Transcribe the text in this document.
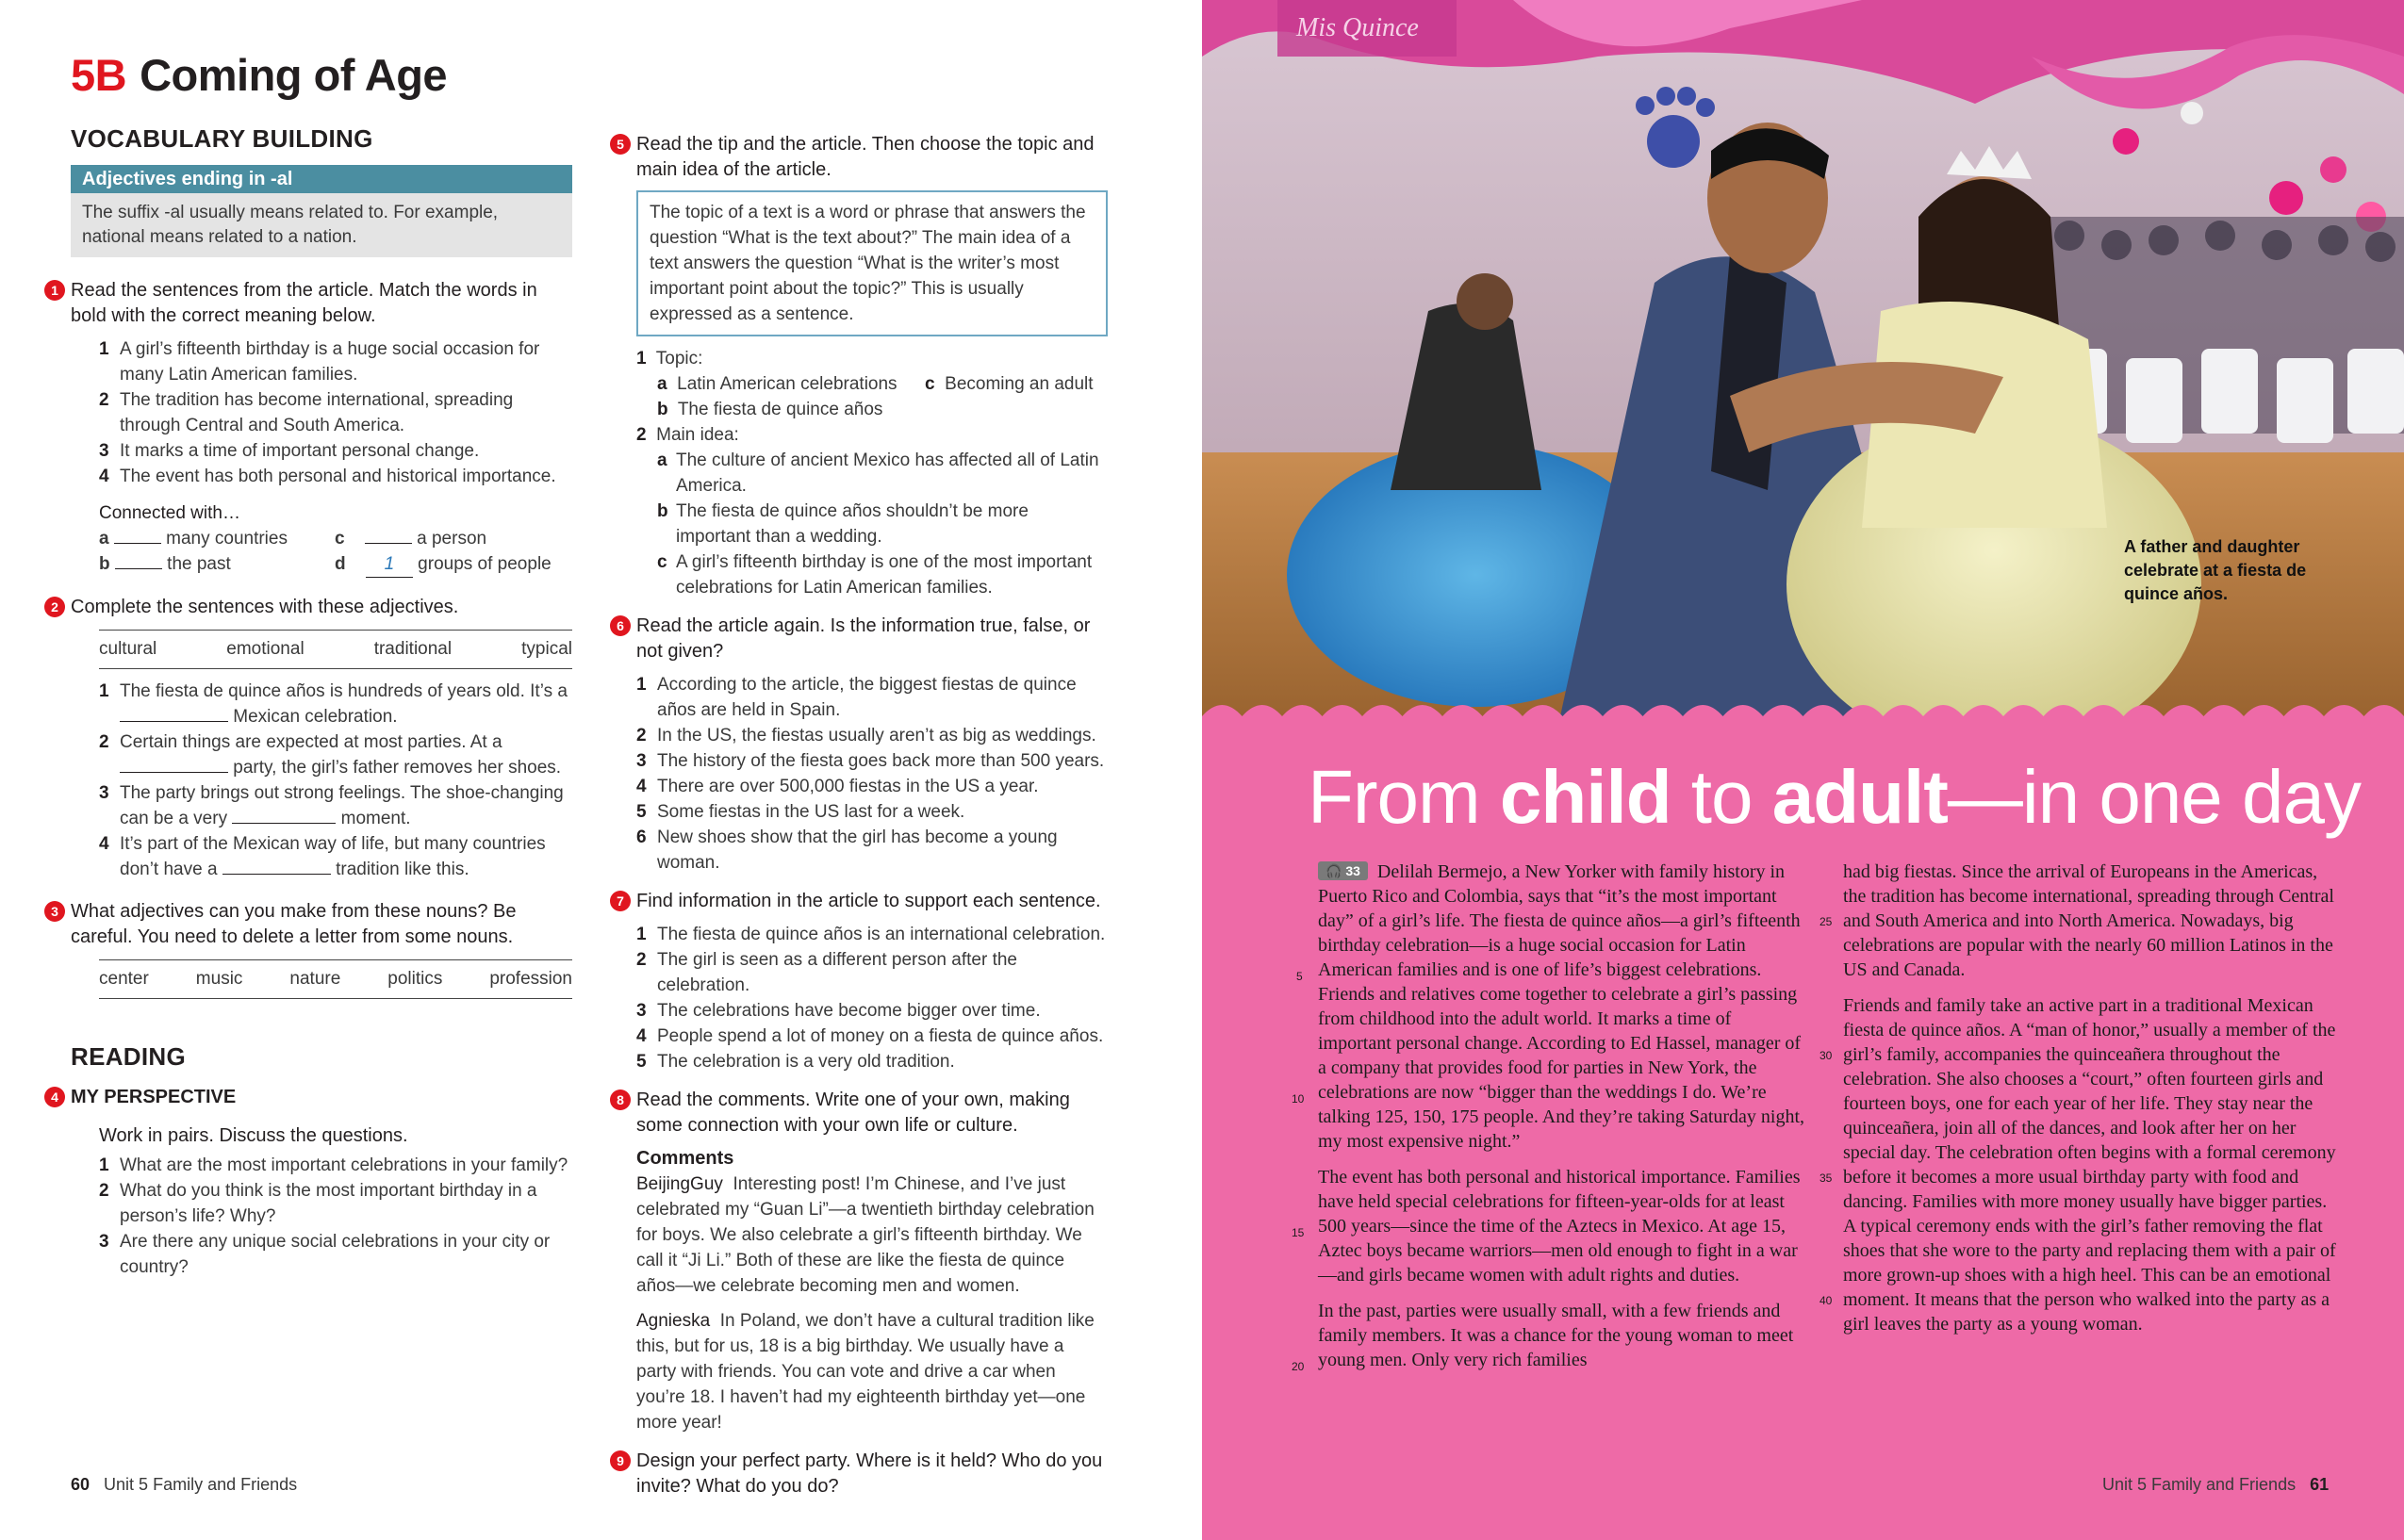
5B Coming of Age
VOCABULARY BUILDING
Adjectives ending in -al
The suffix -al usually means related to. For example, national means related to a nation.
1 Read the sentences from the article. Match the words in bold with the correct meaning below.
1 A girl’s fifteenth birthday is a huge social occasion for many Latin American families.
2 The tradition has become international, spreading through Central and South America.
3 It marks a time of important personal change.
4 The event has both personal and historical importance.
Connected with…
a	many countries	c	a person
b	the past	d 1 groups of people
2 Complete the sentences with these adjectives.
cultural	emotional	traditional	typical
1 The fiesta de quince años is hundreds of years old. It’s a
Mexican celebration.
2 Certain things are expected at most parties. At a
party, the girl’s father removes her shoes.
3 The party brings out strong feelings. The shoe-changing can be a very	moment.
4 It’s part of the Mexican way of life, but many countries don’t have a	tradition like this.
3 What adjectives can you make from these nouns? Be careful. You need to delete a letter from some nouns.
center	music	nature	politics	profession
READING
4 MY PERSPECTIVE
Work in pairs. Discuss the questions.
1 What are the most important celebrations in your family?
2 What do you think is the most important birthday in a person’s life? Why?
3 Are there any unique social celebrations in your city or country?
5 Read the tip and the article. Then choose the topic and main idea of the article.
The topic of a text is a word or phrase that answers the question “What is the text about?” The main idea of a text answers the question “What is the writer’s most important point about the topic?” This is usually expressed as a sentence.
1 Topic:
a Latin American celebrations	c Becoming an adult
b The fiesta de quince años
2 Main idea:
a The culture of ancient Mexico has affected all of Latin America.
b The fiesta de quince años shouldn’t be more important than a wedding.
c A girl’s fifteenth birthday is one of the most important celebrations for Latin American families.
6 Read the article again. Is the information true, false, or not given?
1 According to the article, the biggest fiestas de quince años are held in Spain.
2 In the US, the fiestas usually aren’t as big as weddings.
3 The history of the fiesta goes back more than 500 years.
4 There are over 500,000 fiestas in the US a year.
5 Some fiestas in the US last for a week.
6 New shoes show that the girl has become a young woman.
7 Find information in the article to support each sentence.
1 The fiesta de quince años is an international celebration.
2 The girl is seen as a different person after the celebration.
3 The celebrations have become bigger over time.
4 People spend a lot of money on a fiesta de quince años.
5 The celebration is a very old tradition.
8 Read the comments. Write one of your own, making some connection with your own life or culture.
Comments
BeijingGuy Interesting post! I’m Chinese, and I’ve just celebrated my “Guan Li”—a twentieth birthday celebration for boys. We also celebrate a girl’s fifteenth birthday. We call it “Ji Li.” Both of these are like the fiesta de quince años—we celebrate becoming men and women.
Agnieska In Poland, we don’t have a cultural tradition like this, but for us, 18 is a big birthday. We usually have a party with friends. You can vote and drive a car when you’re 18. I haven’t had my eighteenth birthday yet—one more year!
9 Design your perfect party. Where is it held? Who do you invite? What do you do?
60 Unit 5 Family and Friends
Mis Quince
A father and daughter celebrate at a fiesta de quince años.
From child to adult—in one day

🎧 33 Delilah Bermejo, a New Yorker with family history in Puerto Rico and Colombia, says that “it’s the most important day” of a girl’s life. The fiesta de quince años—a girl’s fifteenth birthday celebration—is a huge social occasion for Latin American families and is one of life’s biggest celebrations. Friends and relatives come together to celebrate a girl’s passing from childhood into the adult world. It marks a time of important personal change. According to Ed Hassel, manager of a company that provides food for parties in New York, the celebrations are now “bigger than the weddings I do. We’re talking 125, 150, 175 people. And they’re taking Saturday night, my most expensive night.”

The event has both personal and historical importance. Families have held special celebrations for fifteen-year-olds for at least 500 years—since the time of the Aztecs in Mexico. At age 15, Aztec boys became warriors—men old enough to fight in a war—and girls became women with adult rights and duties.

In the past, parties were usually small, with a few friends and family members. It was a chance for the young woman to meet young men. Only very rich families

5
10
15
20

had big fiestas. Since the arrival of Europeans in the Americas, the tradition has become international, spreading through Central and South America and into North America. Nowadays, big celebrations are popular with the nearly 60 million Latinos in the US and Canada.

Friends and family take an active part in a traditional Mexican fiesta de quince años. A “man of honor,” usually a member of the girl’s family, accompanies the quinceañera throughout the celebration. She also chooses a “court,” often fourteen girls and fourteen boys, one for each year of her life. They stay near the quinceañera, join all of the dances, and look after her on her special day. The celebration often begins with a formal ceremony before it becomes a more usual birthday party with food and dancing. Families with more money usually have bigger parties. A typical ceremony ends with the girl’s father removing the flat shoes that she wore to the party and replacing them with a pair of more grown-up shoes with a high heel. This can be an emotional moment. It means that the person who walked into the party as a girl leaves the party as a young woman.

25
30
35
40
Unit 5 Family and Friends 61
